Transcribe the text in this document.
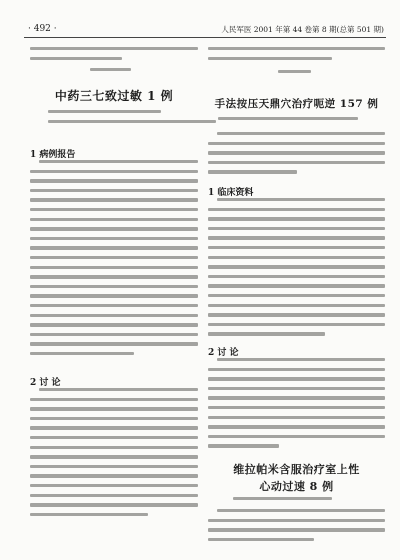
· 492 ·	人民军医 2001 年第 44 卷第 8 期(总第 501 期)
中药三七致过敏 1 例
1 病例报告
2 讨 论
手法按压天鼎穴治疗呃逆 157 例
1 临床资料
2 讨 论
维拉帕米含服治疗室上性
心动过速 8 例
